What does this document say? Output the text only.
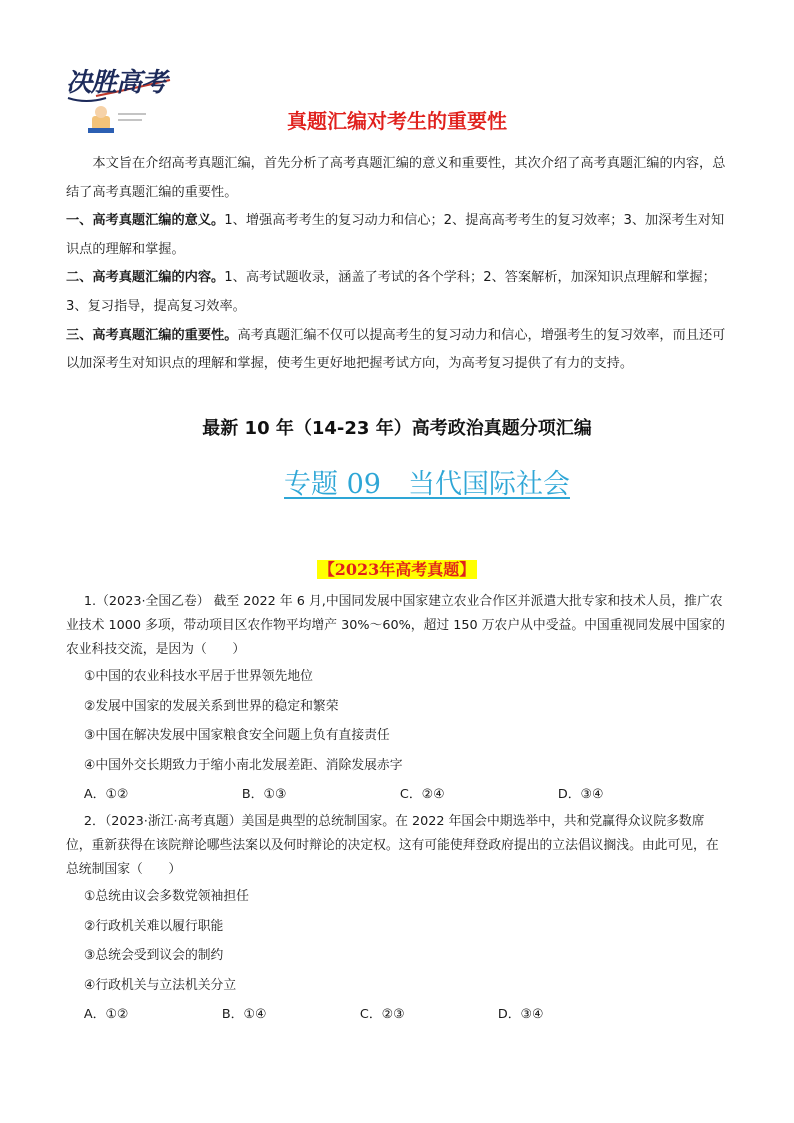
决胜高考
真题汇编对考生的重要性

本文旨在介绍高考真题汇编，首先分析了高考真题汇编的意义和重要性，其次介绍了高考真题汇编的内容，总结了高考真题汇编的重要性。

一、高考真题汇编的意义。1、增强高考考生的复习动力和信心；2、提高高考考生的复习效率；3、加深考生对知识点的理解和掌握。

二、高考真题汇编的内容。1、高考试题收录，涵盖了考试的各个学科；2、答案解析，加深知识点理解和掌握；3、复习指导，提高复习效率。

三、高考真题汇编的重要性。高考真题汇编不仅可以提高考生的复习动力和信心，增强考生的复习效率，而且还可以加深考生对知识点的理解和掌握，使考生更好地把握考试方向，为高考复习提供了有力的支持。

最新 10 年（14-23 年）高考政治真题分项汇编
专题 09　当代国际社会
【2023年高考真题】

1.（2023·全国乙卷） 截至 2022 年 6 月,中国同发展中国家建立农业合作区并派遣大批专家和技术人员，推广农业技术 1000 多项，带动项目区农作物平均增产 30%～60%，超过 150 万农户从中受益。中国重视同发展中国家的农业科技交流，是因为（　　）

①中国的农业科技水平居于世界领先地位

②发展中国家的发展关系到世界的稳定和繁荣

③中国在解决发展中国家粮食安全问题上负有直接责任

④中国外交长期致力于缩小南北发展差距、消除发展赤字

A．①②	B．①③	C．②④	D．③④

2．（2023·浙江·高考真题）美国是典型的总统制国家。在 2022 年国会中期选举中，共和党赢得众议院多数席位，重新获得在该院辩论哪些法案以及何时辩论的决定权。这有可能使拜登政府提出的立法倡议搁浅。由此可见，在总统制国家（　　）

①总统由议会多数党领袖担任

②行政机关难以履行职能

③总统会受到议会的制约

④行政机关与立法机关分立

A．①②	B．①④	C．②③	D．③④
